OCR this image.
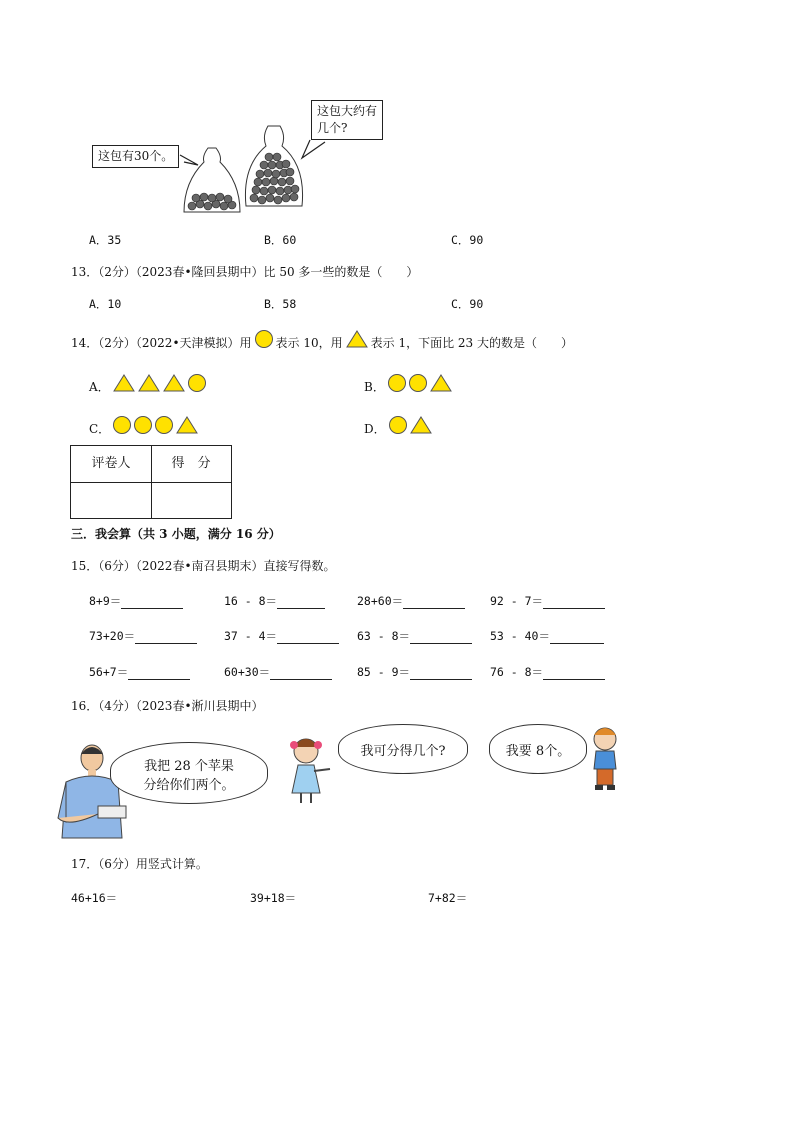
这包有30个。
这包大约有几个?
A．35	B．60	C．90
13．（2分）（2023春•隆回县期中）比 50 多一些的数是（　　）
A．10	B．58	C．90
14．（2分）（2022•天津模拟）用 表示 10，用 表示 1，下面比 23 大的数是（　　）
A．	B．
C．	D．
评卷人	得　分
三．我会算（共 3 小题，满分 16 分）
15．（6分）（2022春•南召县期末）直接写得数。
8+9＝	16 - 8＝	28+60＝	92 - 7＝
73+20＝	37 - 4＝	63 - 8＝	53 - 40＝
56+7＝	60+30＝	85 - 9＝	76 - 8＝
16．（4分）（2023春•淅川县期中）
我把 28 个苹果
分给你们两个。
我可分得几个?	我要 8个。
17．（6分）用竖式计算。
46+16＝	39+18＝	7+82＝
